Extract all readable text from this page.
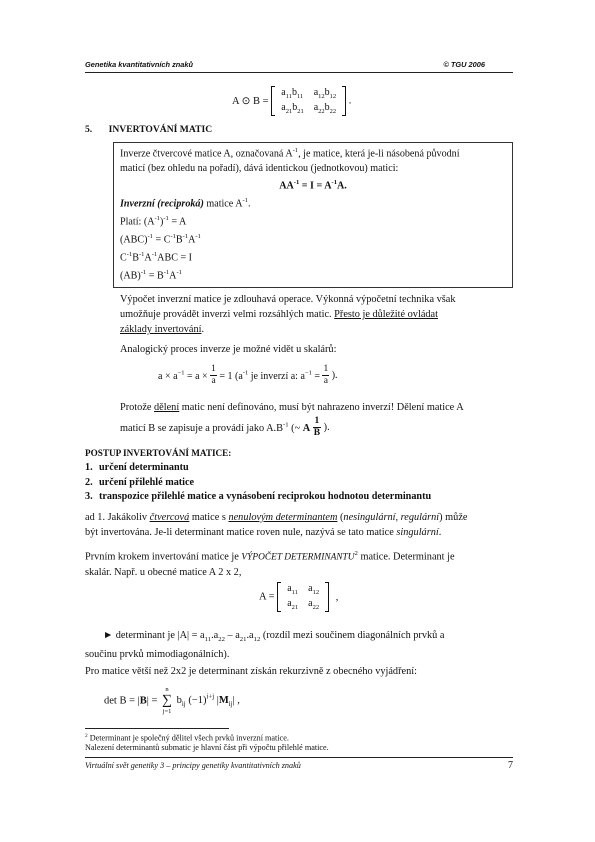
Genetika kvantitativních znaků	© TGU 2006
A ⊙ B =
$a_{11}b_{11}$	$a_{12}b_{12}$
$a_{21}b_{21}$	$a_{22}b_{22}$
.
5. INVERTOVÁNÍ MATIC
Inverze čtvercové matice A, označovaná $A^{-1}$, je matice, která je-li násobená původní
maticí (bez ohledu na pořadí), dává identickou (jednotkovou) matici:
$AA^{-1} = I = A^{-1}A$.
Inverzní (reciproká) matice $A^{-1}$.
Platí: $(A^{-1})^{-1} = A$
$(ABC)^{-1} = C^{-1}B^{-1}A^{-1}$
$C^{-1}B^{-1}A^{-1}ABC = I$
$(AB)^{-1} = B^{-1}A^{-1}$
Výpočet inverzní matice je zdlouhavá operace. Výkonná výpočetní technika však
umožňuje provádět inverzi velmi rozsáhlých matic. Přesto je důležité ovládat
základy invertování.
Analogický proces inverze je možné vidět u skalárů:
$a \times a^{-1} = a \times \frac{1}{a} = 1$ ($a^{-1}$ je inverzí a: $a^{-1} = \frac{1}{a}$ ).
Protože dělení matic není definováno, musí být nahrazeno inverzí! Dělení matice A
maticí B se zapisuje a provádí jako $A.B^{-1}$ (~ A $\frac{1}{B}$ ).
POSTUP INVERTOVÁNÍ MATICE:
1. určení determinantu
2. určení přilehlé matice
3. transpozice přilehlé matice a vynásobení reciprokou hodnotou determinantu
ad 1. Jakákoliv čtvercová matice s nenulovým determinantem (nesingulární, regulární) může
být invertována. Je-li determinant matice roven nule, nazývá se tato matice singulární.
Prvním krokem invertování matice je VÝPOČET DETERMINANTU$^2$ matice. Determinant je
skalár. Např. u obecné matice A 2 x 2,
A =
$a_{11}$	$a_{12}$
$a_{21}$	$a_{22}$
,
► determinant je $|A| = a_{11}.a_{22} - a_{21}.a_{12}$ (rozdíl mezi součinem diagonálních prvků a
součinu prvků mimodiagonálních).
Pro matice větší než 2x2 je determinant získán rekurzivně z obecného vyjádření:
det B = |B| =
n
∑
j=1
$b_{ij}$ $(-1)^{i+j}$ $|M_{ij}|$ ,
$^2$ Determinant je společný dělitel všech prvků inverzní matice.
Nalezení determinantů submatic je hlavní část při výpočtu přilehlé matice.
Virtuální svět genetiky 3 – principy genetiky kvantitativních znaků	7
